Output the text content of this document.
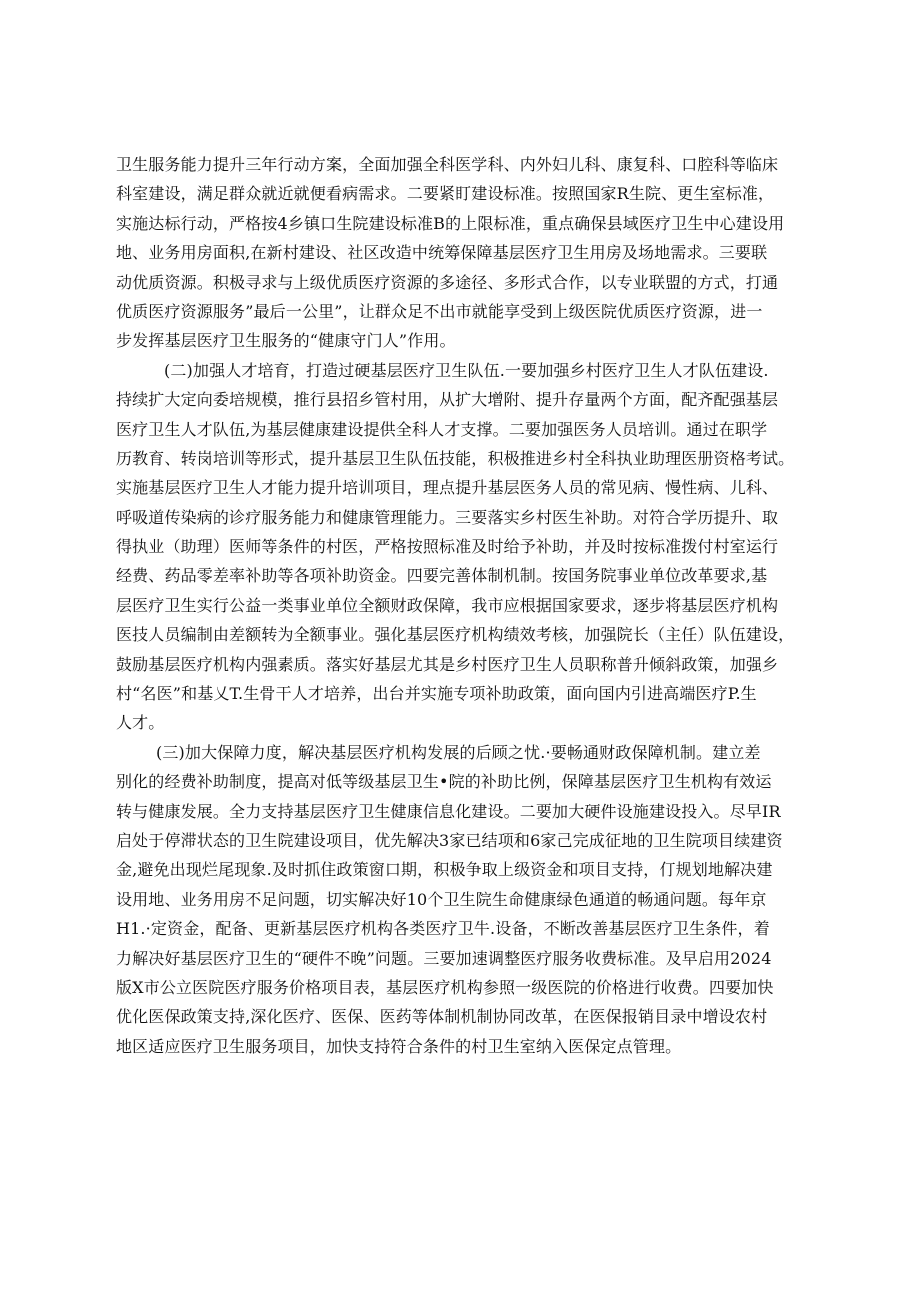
卫生服务能力提升三年行动方案，全面加强全科医学科、内外妇儿科、康复科、口腔科等临床
科室建设，满足群众就近就便看病需求。二要紧盯建设标准。按照国家R生院、更生室标准，
实施达标行动，严格按4乡镇口生院建设标准B的上限标准，重点确保县域医疗卫生中心建设用
地、业务用房面积,在新村建设、社区改造中统筹保障基层医疗卫生用房及场地需求。三要联
动优质资源。积极寻求与上级优质医疗资源的多途径、多形式合作，以专业联盟的方式，打通
优质医疗资源服务”最后一公里”，让群众足不出市就能享受到上级医院优质医疗资源，进一
步发挥基层医疗卫生服务的“健康守门人”作用。
(二)加强人才培育，打造过硬基层医疗卫生队伍.一要加强乡村医疗卫生人才队伍建设.
持续扩大定向委培规模，推行县招乡管村用，从扩大增附、提升存量两个方面，配齐配强基层
医疗卫生人才队伍,为基层健康建设提供全科人才支撑。二要加强医务人员培训。通过在职学
历教育、转岗培训等形式，提升基层卫生队伍技能，积极推进乡村全科执业助理医册资格考试。
实施基层医疗卫生人才能力提升培训项目，理点提升基层医务人员的常见病、慢性病、儿科、
呼吸道传染病的诊疗服务能力和健康管理能力。三要落实乡村医生补助。对符合学历提升、取
得执业（助理）医师等条件的村医，严格按照标准及时给予补助，并及时按标准拨付村室运行
经费、药品零差率补助等各项补助资金。四要完善体制机制。按国务院事业单位改革要求,基
层医疗卫生实行公益一类事业单位全额财政保障，我市应根据国家要求，逐步将基层医疗机构
医技人员编制由差额转为全额事业。强化基层医疗机构绩效考核，加强院长（主任）队伍建设，
鼓励基层医疗机构内强素质。落实好基层尤其是乡村医疗卫生人员职称普升倾斜政策，加强乡
村“名医”和基乂T.生骨干人才培养，出台并实施专项补助政策，面向国内引进高端医疗P.生
人才。
(三)加大保障力度，解决基层医疗机构发展的后顾之忧.·要畅通财政保障机制。建立差
别化的经费补助制度，提高对低等级基层卫生•院的补助比例，保障基层医疗卫生机构有效运
转与健康发展。全力支持基层医疗卫生健康信息化建设。二要加大硬件设施建设投入。尽早IR
启处于停滞状态的卫生院建设项目，优先解决3家已结项和6家己完成征地的卫生院项目续建资
金,避免出现烂尾现象.及时抓住政策窗口期，积极争取上级资金和项目支持，仃规划地解决建
设用地、业务用房不足问题，切实解决好10个卫生院生命健康绿色通道的畅通问题。每年京
H1.·定资金，配备、更新基层医疗机构各类医疗卫牛.设备，不断改善基层医疗卫生条件，着
力解决好基层医疗卫生的“硬件不晚”问题。三要加速调整医疗服务收费标准。及早启用2024
版X市公立医院医疗服务价格项目表，基层医疗机构参照一级医院的价格进行收费。四要加快
优化医保政策支持,深化医疗、医保、医药等体制机制协同改革，在医保报销目录中增设农村
地区适应医疗卫生服务项目，加快支持符合条件的村卫生室纳入医保定点管理。
